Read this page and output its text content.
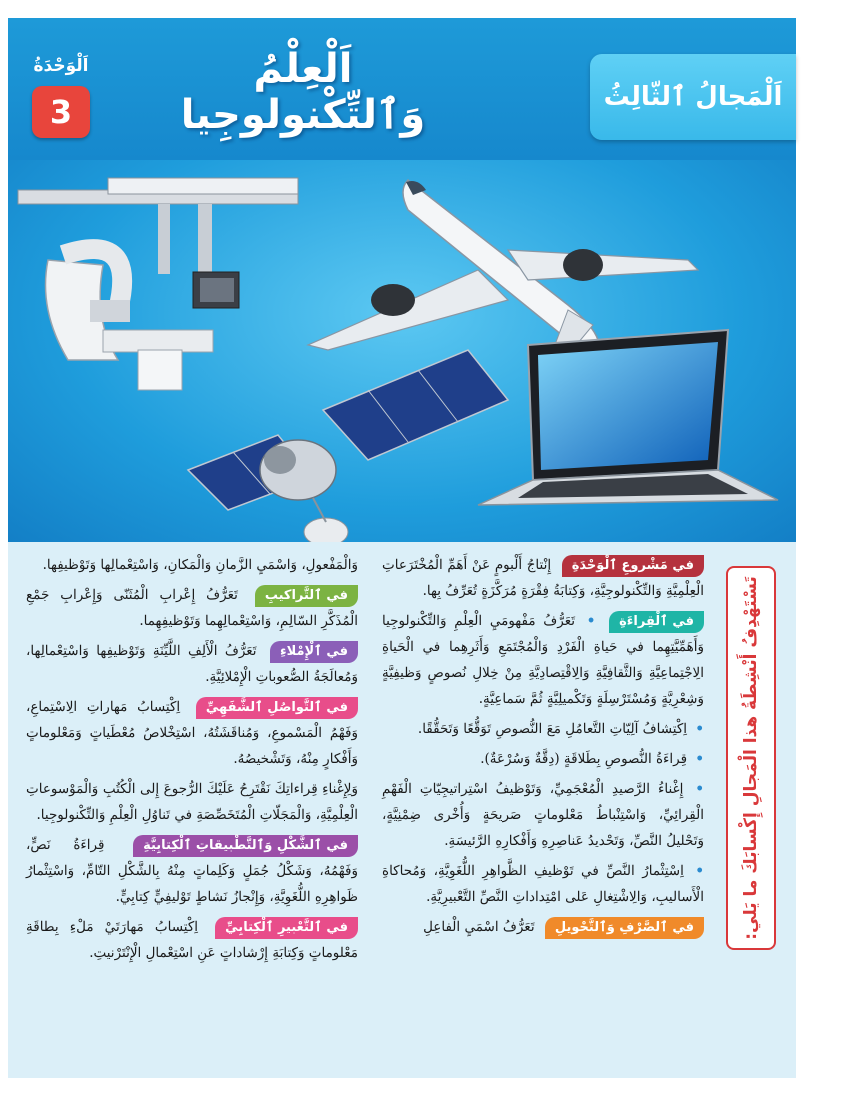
اَلْعِلْمُ وَٱلتِّكْنولوجِيا	اَلْمَجالُ ٱلثّالِثُ
اَلْوَحْدَةُ
3
تَسْتَهْدِفُ أَنْشِطَةُ هذا الْمَجالِ إِكْسابَكَ ما يَلي:

في مَشْروعِ ٱلْوَحْدَةِ إِنْتاجُ أَلْبومٍ عَنْ أَهَمِّ الْمُخْتَرَعاتِ الْعِلْمِيَّةِ وَالتِّكْنولوجِيَّةِ، وَكِتابَةُ فِقْرَةٍ مُرَكَّزَةٍ تُعَرِّفُ بِها.

في ٱلْقِراءَةِ • تَعَرُّفُ مَفْهومَيِ الْعِلْمِ وَالتِّكْنولوجِيا وَأَهَمِّيَّتِهِما في حَياةِ الْفَرْدِ وَالْمُجْتَمَعِ وَأَثَرِهِما في الْحَياةِ الِاجْتِماعِيَّةِ وَالثَّقافِيَّةِ وَالِاقْتِصادِيَّةِ مِنْ خِلالِ نُصوصٍ وَظيفِيَّةٍ وَشِعْرِيَّةٍ وَمُسْتَرْسِلَةٍ وَتَكْميلِيَّةٍ ثُمَّ سَماعِيَّةٍ.

• اِكْتِشافُ آلِيّاتِ التَّعامُلِ مَعَ النُّصوصِ تَوَقُّعًا وَتَحَقُّقًا.

• قِراءَةُ النُّصوصِ بِطَلاقَةٍ (دِقَّةٌ وَسُرْعَةٌ).

• إِغْناءُ الرَّصيدِ الْمُعْجَمِيِّ، وَتَوْظيفُ اسْتِراتيجِيّاتِ الْفَهْمِ الْقِرائِيِّ، وَاسْتِنْباطُ مَعْلوماتٍ صَريحَةٍ وَأُخْرى ضِمْنِيَّةٍ، وَتَحْليلُ النَّصِّ، وَتَحْديدُ عَناصِرِهِ وَأَفْكارِهِ الرَّئيسَةِ.

• اِسْتِثْمارُ النَّصِّ في تَوْظيفِ الظَّواهِرِ اللُّغَوِيَّةِ، وَمُحاكاةِ الْأَساليبِ، وَالِاشْتِغالِ عَلى امْتِداداتِ النَّصِّ التَّعْبيرِيَّةِ.

في ٱلصَّرْفِ وَٱلتَّحْويلِ تَعَرُّفُ اسْمَيِ الْفاعِلِ

وَالْمَفْعولِ، وَاسْمَيِ الزَّمانِ وَالْمَكانِ، وَاسْتِعْمالِها وَتَوْظيفِها.

في ٱلتَّراكيبِ تَعَرُّفُ إِعْرابِ الْمُثَنّى وَإِعْرابِ جَمْعِ الْمُذَكَّرِ السّالِمِ، وَاسْتِعْمالِهِما وَتَوْظيفِهِما.

في ٱلْإِمْلاءِ تَعَرُّفُ الْأَلِفِ اللَّيِّنَةِ وَتَوْظيفِها وَاسْتِعْمالِها، وَمُعالَجَةُ الصُّعوباتِ الْإِمْلائِيَّةِ.

في ٱلتَّواصُلِ ٱلشَّفَهِيِّ اِكْتِسابُ مَهاراتِ الِاسْتِماعِ، وَفَهْمُ الْمَسْموعِ، وَمُناقَشَتُهُ، اسْتِخْلاصُ مُعْطَياتٍ وَمَعْلوماتٍ وَأَفْكارٍ مِنْهُ، وَتَشْخيصُهُ.

وَلِإِغْناءِ قِراءاتِكَ نَقْتَرِحُ عَلَيْكَ الرُّجوعَ إِلى الْكُتُبِ وَالْمَوْسوعاتِ الْعِلْمِيَّةِ، وَالْمَجَلّاتِ الْمُتَخَصِّصَةِ في تَناوُلِ الْعِلْمِ وَالتِّكْنولوجِيا.

في ٱلشَّكْلِ وَٱلتَّطْبيقاتِ ٱلْكِتابِيَّةِ قِراءَةُ نَصٍّ، وَفَهْمُهُ، وَشَكْلُ جُمَلٍ وَكَلِماتٍ مِنْهُ بِالشَّكْلِ التّامِّ، وَاسْتِثْمارُ ظَواهِرِهِ اللُّغَوِيَّةِ، وَإِنْجازُ نَشاطٍ تَوْليفِيٍّ كِتابِيٍّ.

في ٱلتَّعْبيرِ ٱلْكِتابِيِّ اِكْتِسابُ مَهارَتَيْ مَلْءِ بِطاقَةِ مَعْلوماتٍ وَكِتابَةِ إِرْشاداتٍ عَنِ اسْتِعْمالِ الْإِنْتَرْنيتِ.
